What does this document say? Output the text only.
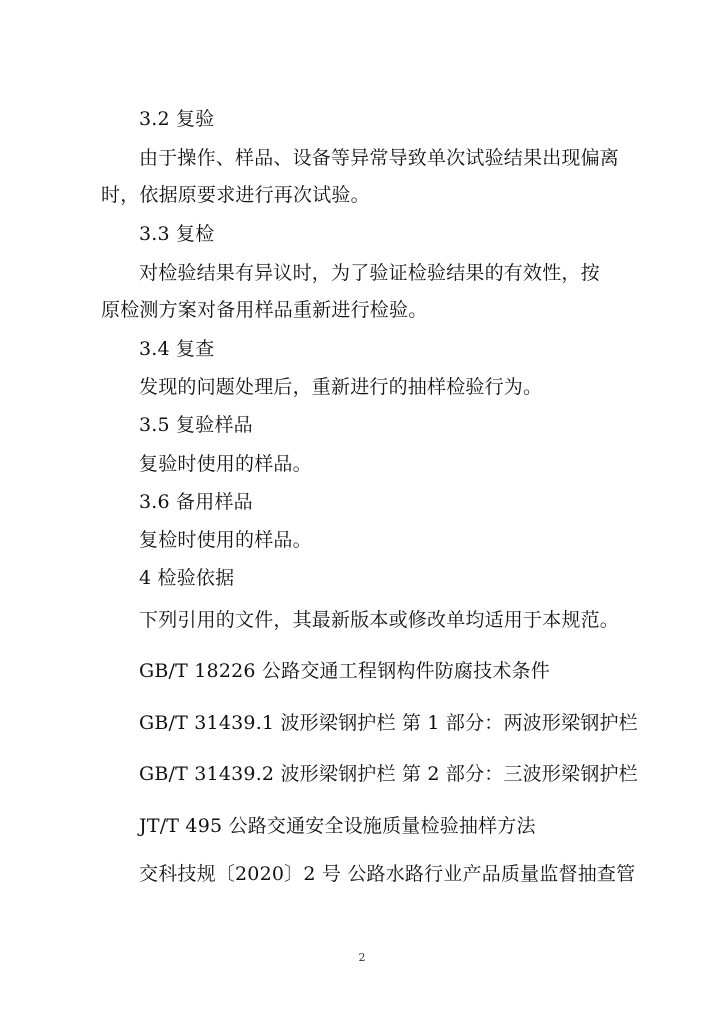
3.2 复验
由于操作、样品、设备等异常导致单次试验结果出现偏离
时，依据原要求进行再次试验。
3.3 复检
对检验结果有异议时，为了验证检验结果的有效性，按
原检测方案对备用样品重新进行检验。
3.4 复查
发现的问题处理后，重新进行的抽样检验行为。
3.5 复验样品
复验时使用的样品。
3.6 备用样品
复检时使用的样品。
4 检验依据
下列引用的文件，其最新版本或修改单均适用于本规范。
GB/T 18226 公路交通工程钢构件防腐技术条件
GB/T 31439.1 波形梁钢护栏 第 1 部分：两波形梁钢护栏
GB/T 31439.2 波形梁钢护栏 第 2 部分：三波形梁钢护栏
JT/T 495 公路交通安全设施质量检验抽样方法
交科技规〔2020〕2 号 公路水路行业产品质量监督抽查管
2
